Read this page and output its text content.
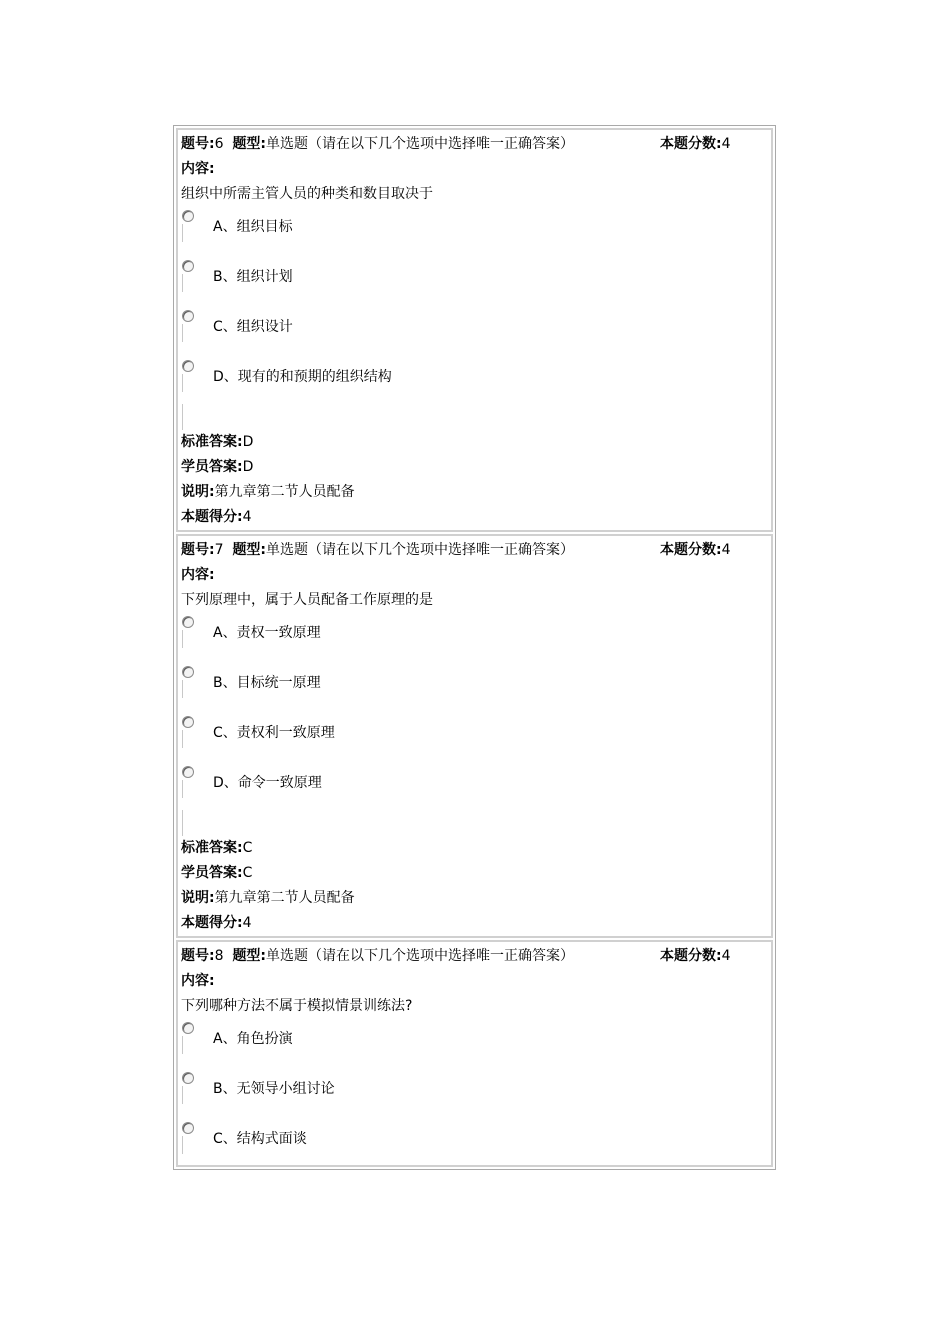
题号:6 题型:单选题（请在以下几个选项中选择唯一正确答案）	本题分数:4
内容:
组织中所需主管人员的种类和数目取决于
A、组织目标
B、组织计划
C、组织设计
D、现有的和预期的组织结构
标准答案:D
学员答案:D
说明:第九章第二节人员配备
本题得分:4
题号:7 题型:单选题（请在以下几个选项中选择唯一正确答案）	本题分数:4
内容:
下列原理中，属于人员配备工作原理的是
A、责权一致原理
B、目标统一原理
C、责权利一致原理
D、命令一致原理
标准答案:C
学员答案:C
说明:第九章第二节人员配备
本题得分:4
题号:8 题型:单选题（请在以下几个选项中选择唯一正确答案）	本题分数:4
内容:
下列哪种方法不属于模拟情景训练法?
A、角色扮演
B、无领导小组讨论
C、结构式面谈
